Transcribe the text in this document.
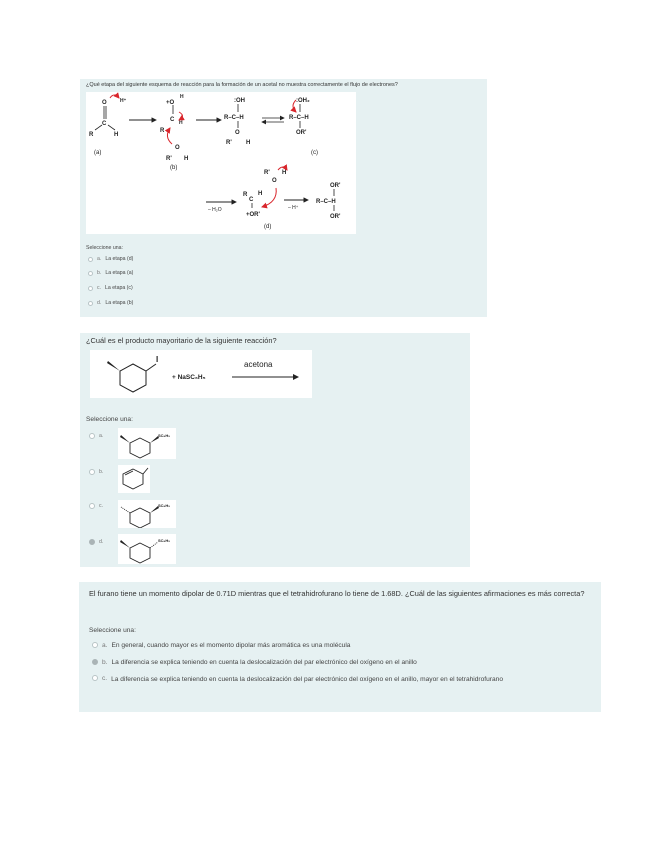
¿Qué etapa del siguiente esquema de reacción para la formación de un acetal no muestra correctamente el flujo de electrones?
O
C
R	H
H⁺	+O
H
C H
R
O
R' H
:OH
R–C–H
O
R' H
:OH₂
R–C–H
OR'
(a)
(b)
(c)
– H₂O
R'
O
H
R
C
H
+OR'
– H⁺
OR'
R–C–H
OR'
(d)
Seleccione una:
a. La etapa (d)
b. La etapa (a)
c. La etapa (c)
d. La etapa (b)
¿Cuál es el producto mayoritario de la siguiente reacción?
I
+ NaSC₆H₅
acetona
Seleccione una:
a.	SC₆H₅
b.
c.	SC₆H₅
d.	SC₆H₅
El furano tiene un momento dipolar de 0.71D mientras que el tetrahidrofurano lo tiene de 1.68D. ¿Cuál de las siguientes afirmaciones es más correcta?
Seleccione una:
a. En general, cuando mayor es el momento dipolar más aromática es una molécula
b. La diferencia se explica teniendo en cuenta la deslocalización del par electrónico del oxígeno en el anillo
c. La diferencia se explica teniendo en cuenta la deslocalización del par electrónico del oxígeno en el anillo, mayor en el tetrahidrofurano
